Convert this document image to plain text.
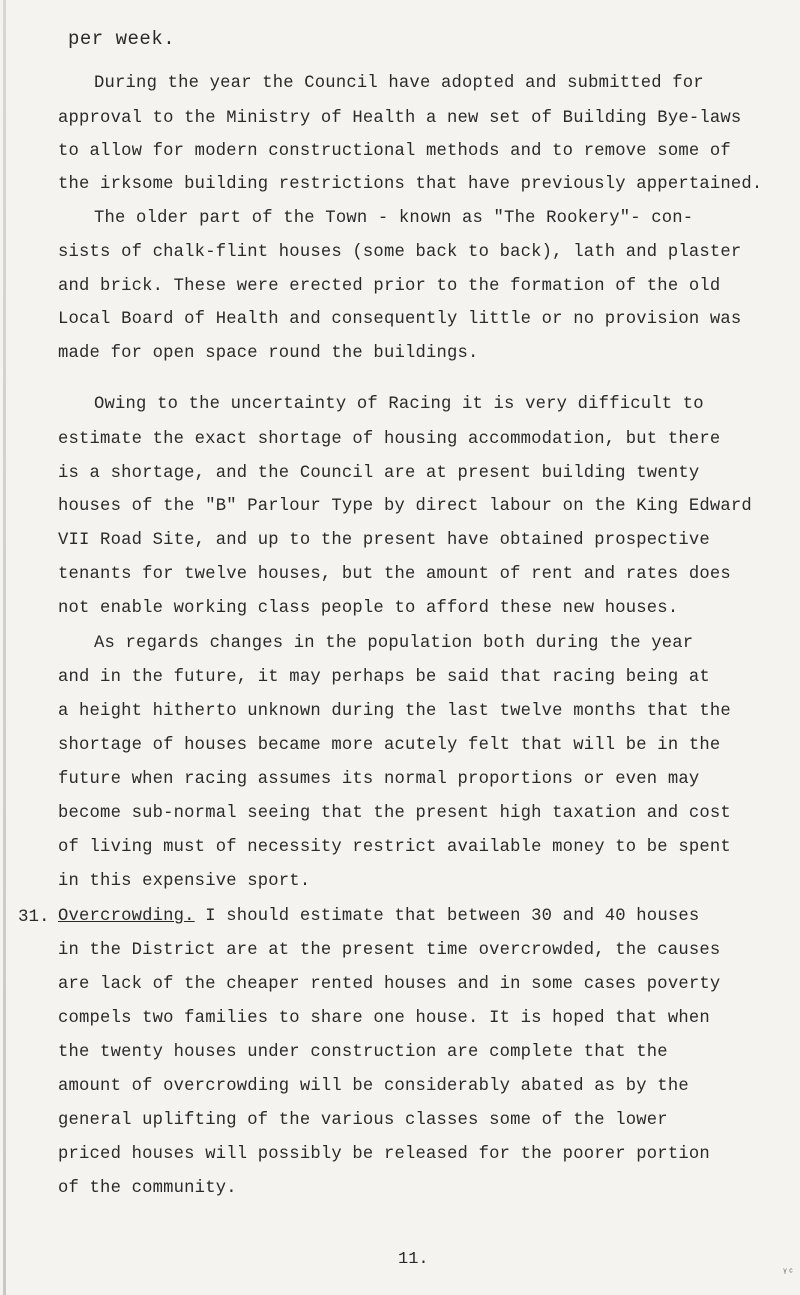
per week.
During the year the Council have adopted and submitted for
approval to the Ministry of Health a new set of Building Bye-laws
to allow for modern constructional methods and to remove some of
the irksome building restrictions that have previously appertained.
The older part of the Town - known as "The Rookery"- con-
sists of chalk-flint houses (some back to back), lath and plaster
and brick. These were erected prior to the formation of the old
Local Board of Health and consequently little or no provision was
made for open space round the buildings.
Owing to the uncertainty of Racing it is very difficult to
estimate the exact shortage of housing accommodation, but there
is a shortage, and the Council are at present building twenty
houses of the "B" Parlour Type by direct labour on the King Edward
VII Road Site, and up to the present have obtained prospective
tenants for twelve houses, but the amount of rent and rates does
not enable working class people to afford these new houses.
As regards changes in the population both during the year
and in the future, it may perhaps be said that racing being at
a height hitherto unknown during the last twelve months that the
shortage of houses became more acutely felt that will be in the
future when racing assumes its normal proportions or even may
become sub-normal seeing that the present high taxation and cost
of living must of necessity restrict available money to be spent
in this expensive sport.
31. Overcrowding. I should estimate that between 30 and 40 houses
in the District are at the present time overcrowded, the causes
are lack of the cheaper rented houses and in some cases poverty
compels two families to share one house. It is hoped that when
the twenty houses under construction are complete that the
amount of overcrowding will be considerably abated as by the
general uplifting of the various classes some of the lower
priced houses will possibly be released for the poorer portion
of the community.
11.
ᵞᶜ
